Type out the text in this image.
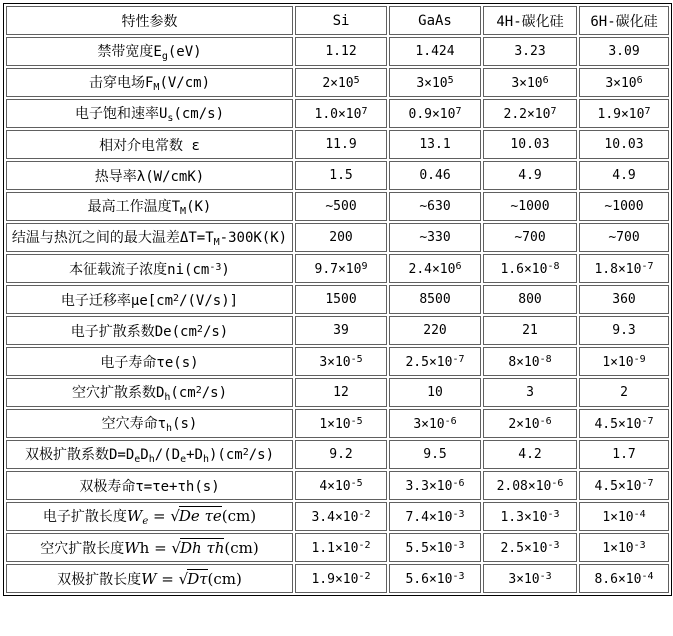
特性参数	Si	GaAs	4H-碳化硅	6H-碳化硅
禁带宽度$E_g(eV)$	1.12	1.424	3.23	3.09
击穿电场$F_M(V/cm)$	$2\times 10^5$	$3\times 10^5$	$3\times 10^6$	$3\times 10^6$
电子饱和速率$U_s(cm/s)$	$1.0\times 10^7$	$0.9\times 10^7$	$2.2\times 10^7$	$1.9\times 10^7$
相对介电常数 ε	11.9	13.1	10.03	10.03
热导率λ(W/cmK)	1.5	0.46	4.9	4.9
最高工作温度$T_M(K)$	~500	~630	~1000	~1000
结温与热沉之间的最大温差$\Delta T=T_M-300K(K)$	200	~330	~700	~700
本征载流子浓度$ni(cm^{-3})$	$9.7\times 10^9$	$2.4\times 10^6$	$1.6\times 10^{-8}$	$1.8\times 10^{-7}$
电子迁移率$\mu e[cm^2/(V/s)]$	1500	8500	800	360
电子扩散系数$De(cm^2/s)$	39	220	21	9.3
电子寿命τe(s)	$3\times 10^{-5}$	$2.5\times 10^{-7}$	$8\times 10^{-8}$	$1\times 10^{-9}$
空穴扩散系数$D_h(cm^2/s)$	12	10	3	2
空穴寿命$\tau_h(s)$	$1\times 10^{-5}$	$3\times 10^{-6}$	$2\times 10^{-6}$	$4.5\times 10^{-7}$
双极扩散系数$D=D_eD_h/(D_e+D_h)(cm^2/s)$	9.2	9.5	4.2	1.7
双极寿命τ=τe+τh(s)	$4\times 10^{-5}$	$3.3\times 10^{-6}$	$2.08\times 10^{-6}$	$4.5\times 10^{-7}$
电子扩散长度$W_e = √De$ τe(cm)	$3.4\times 10^{-2}$	$7.4\times 10^{-3}$	$1.3\times 10^{-3}$	$1\times 10^{-4}$
空穴扩散长度Wh = √Dh τh(cm)	$1.1\times 10^{-2}$	$5.5\times 10^{-3}$	$2.5\times 10^{-3}$	$1\times 10^{-3}$
双极扩散长度W = √Dτ(cm)	$1.9\times 10^{-2}$	$5.6\times 10^{-3}$	$3\times 10^{-3}$	$8.6\times 10^{-4}$
